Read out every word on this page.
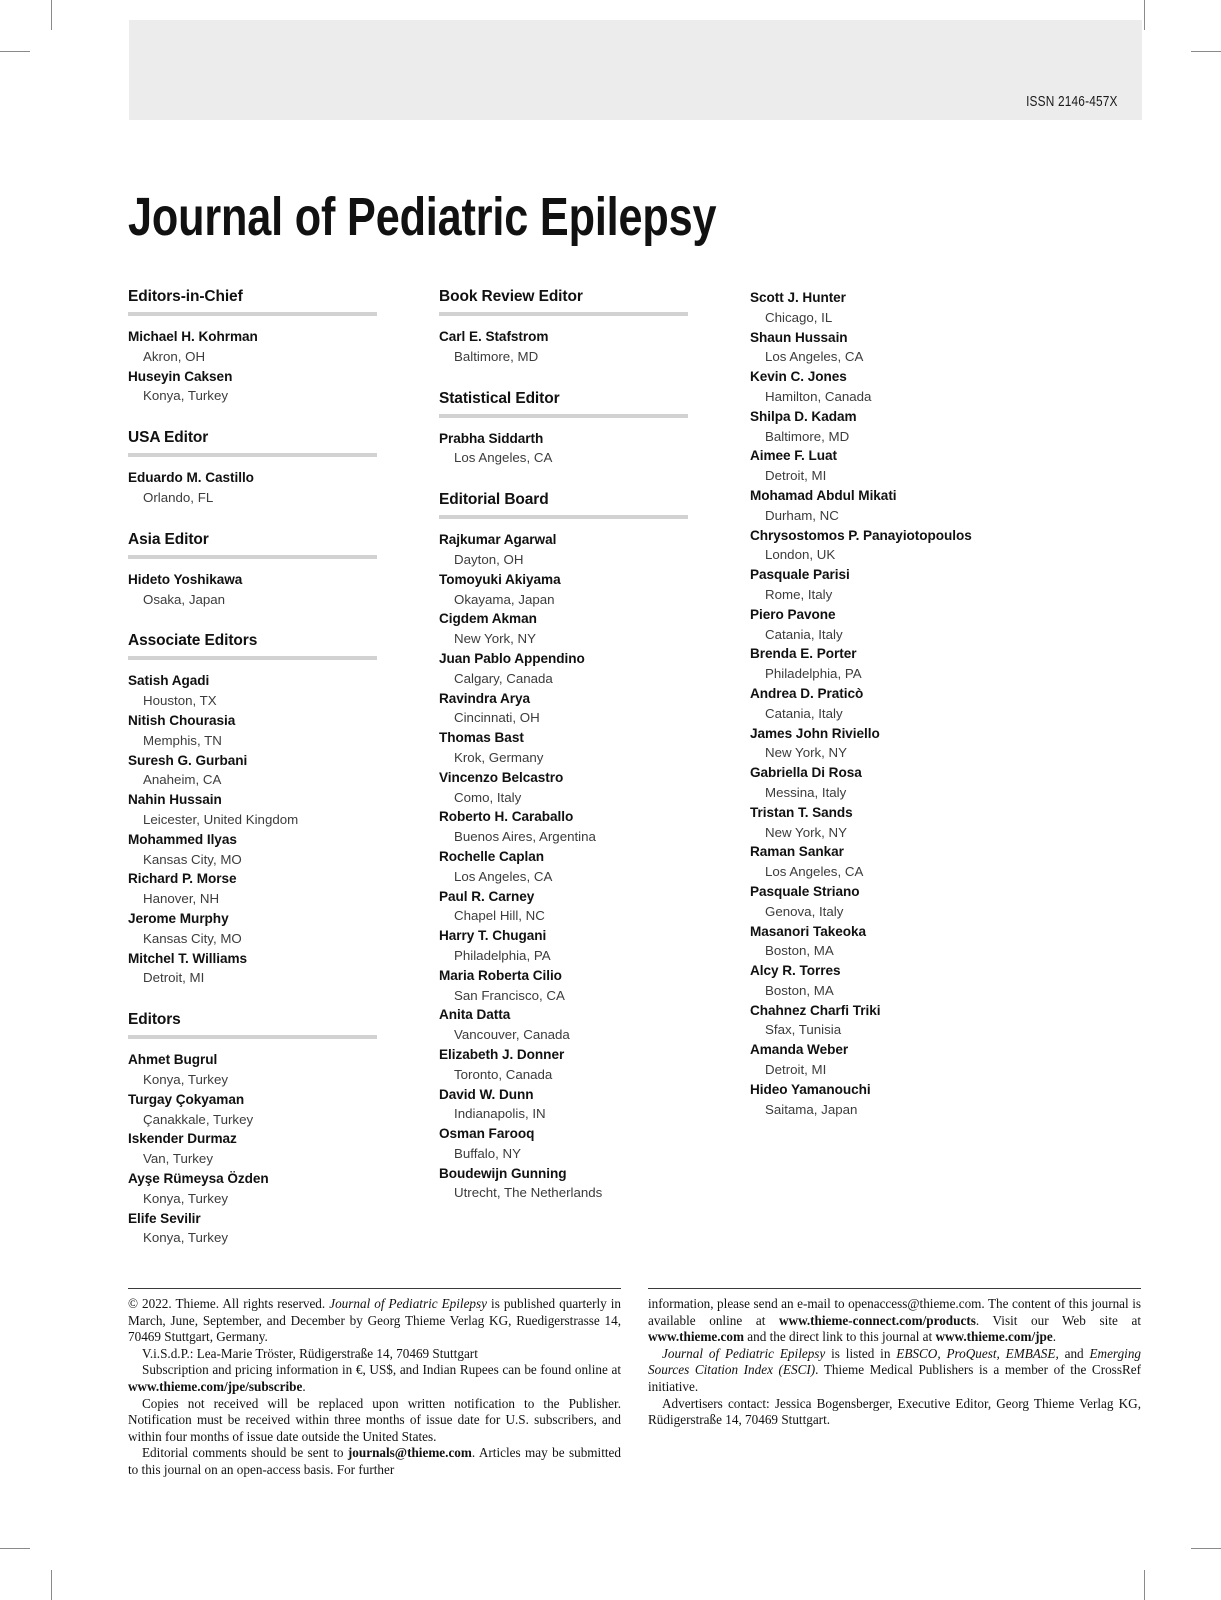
ISSN 2146-457X
Journal of Pediatric Epilepsy
Editors-in-Chief
Michael H. Kohrman
Akron, OH
Huseyin Caksen
Konya, Turkey
USA Editor
Eduardo M. Castillo
Orlando, FL
Asia Editor
Hideto Yoshikawa
Osaka, Japan
Associate Editors
Satish Agadi
Houston, TX
Nitish Chourasia
Memphis, TN
Suresh G. Gurbani
Anaheim, CA
Nahin Hussain
Leicester, United Kingdom
Mohammed Ilyas
Kansas City, MO
Richard P. Morse
Hanover, NH
Jerome Murphy
Kansas City, MO
Mitchel T. Williams
Detroit, MI
Editors
Ahmet Bugrul
Konya, Turkey
Turgay Çokyaman
Çanakkale, Turkey
Iskender Durmaz
Van, Turkey
Ayşe Rümeysa Özden
Konya, Turkey
Elife Sevilir
Konya, Turkey
Book Review Editor
Carl E. Stafstrom
Baltimore, MD
Statistical Editor
Prabha Siddarth
Los Angeles, CA
Editorial Board
Rajkumar Agarwal
Dayton, OH
Tomoyuki Akiyama
Okayama, Japan
Cigdem Akman
New York, NY
Juan Pablo Appendino
Calgary, Canada
Ravindra Arya
Cincinnati, OH
Thomas Bast
Krok, Germany
Vincenzo Belcastro
Como, Italy
Roberto H. Caraballo
Buenos Aires, Argentina
Rochelle Caplan
Los Angeles, CA
Paul R. Carney
Chapel Hill, NC
Harry T. Chugani
Philadelphia, PA
Maria Roberta Cilio
San Francisco, CA
Anita Datta
Vancouver, Canada
Elizabeth J. Donner
Toronto, Canada
David W. Dunn
Indianapolis, IN
Osman Farooq
Buffalo, NY
Boudewijn Gunning
Utrecht, The Netherlands
Scott J. Hunter
Chicago, IL
Shaun Hussain
Los Angeles, CA
Kevin C. Jones
Hamilton, Canada
Shilpa D. Kadam
Baltimore, MD
Aimee F. Luat
Detroit, MI
Mohamad Abdul Mikati
Durham, NC
Chrysostomos P. Panayiotopoulos
London, UK
Pasquale Parisi
Rome, Italy
Piero Pavone
Catania, Italy
Brenda E. Porter
Philadelphia, PA
Andrea D. Praticò
Catania, Italy
James John Riviello
New York, NY
Gabriella Di Rosa
Messina, Italy
Tristan T. Sands
New York, NY
Raman Sankar
Los Angeles, CA
Pasquale Striano
Genova, Italy
Masanori Takeoka
Boston, MA
Alcy R. Torres
Boston, MA
Chahnez Charfi Triki
Sfax, Tunisia
Amanda Weber
Detroit, MI
Hideo Yamanouchi
Saitama, Japan

© 2022. Thieme. All rights reserved. Journal of Pediatric Epilepsy is published quarterly in March, June, September, and December by Georg Thieme Verlag KG, Ruedigerstrasse 14, 70469 Stuttgart, Germany.

V.i.S.d.P.: Lea-Marie Tröster, Rüdigerstraße 14, 70469 Stuttgart

Subscription and pricing information in €, US$, and Indian Rupees can be found online at www.thieme.com/jpe/subscribe.

Copies not received will be replaced upon written notification to the Publisher. Notification must be received within three months of issue date for U.S. subscribers, and within four months of issue date outside the United States.

Editorial comments should be sent to journals@thieme.com. Articles may be submitted to this journal on an open-access basis. For further

information, please send an e-mail to openaccess@thieme.com. The content of this journal is available online at www.thieme-connect.com/products. Visit our Web site at www.thieme.com and the direct link to this journal at www.thieme.com/jpe.

Journal of Pediatric Epilepsy is listed in EBSCO, ProQuest, EMBASE, and Emerging Sources Citation Index (ESCI). Thieme Medical Publishers is a member of the CrossRef initiative.

Advertisers contact: Jessica Bogensberger, Executive Editor, Georg Thieme Verlag KG, Rüdigerstraße 14, 70469 Stuttgart.
